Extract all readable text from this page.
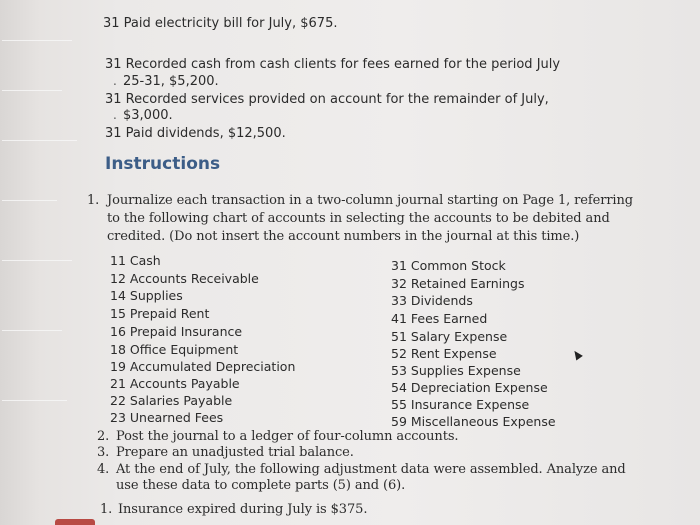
31 Paid electricity bill for July, $675.
31 Recorded cash from cash clients for fees earned for the period July
. 25-31, $5,200.
31 Recorded services provided on account for the remainder of July,
. $3,000.
31 Paid dividends, $12,500.
Instructions
1. Journalize each transaction in a two-column journal starting on Page 1, referring
to the following chart of accounts in selecting the accounts to be debited and
credited. (Do not insert the account numbers in the journal at this time.)
11 Cash
12 Accounts Receivable
14 Supplies
15 Prepaid Rent
16 Prepaid Insurance
18 Office Equipment
19 Accumulated Depreciation
21 Accounts Payable
22 Salaries Payable
23 Unearned Fees
31 Common Stock
32 Retained Earnings
33 Dividends
41 Fees Earned
51 Salary Expense
52 Rent Expense
53 Supplies Expense
54 Depreciation Expense
55 Insurance Expense
59 Miscellaneous Expense
2. Post the journal to a ledger of four-column accounts.
3. Prepare an unadjusted trial balance.
4. At the end of July, the following adjustment data were assembled. Analyze and
use these data to complete parts (5) and (6).
1. Insurance expired during July is $375.
